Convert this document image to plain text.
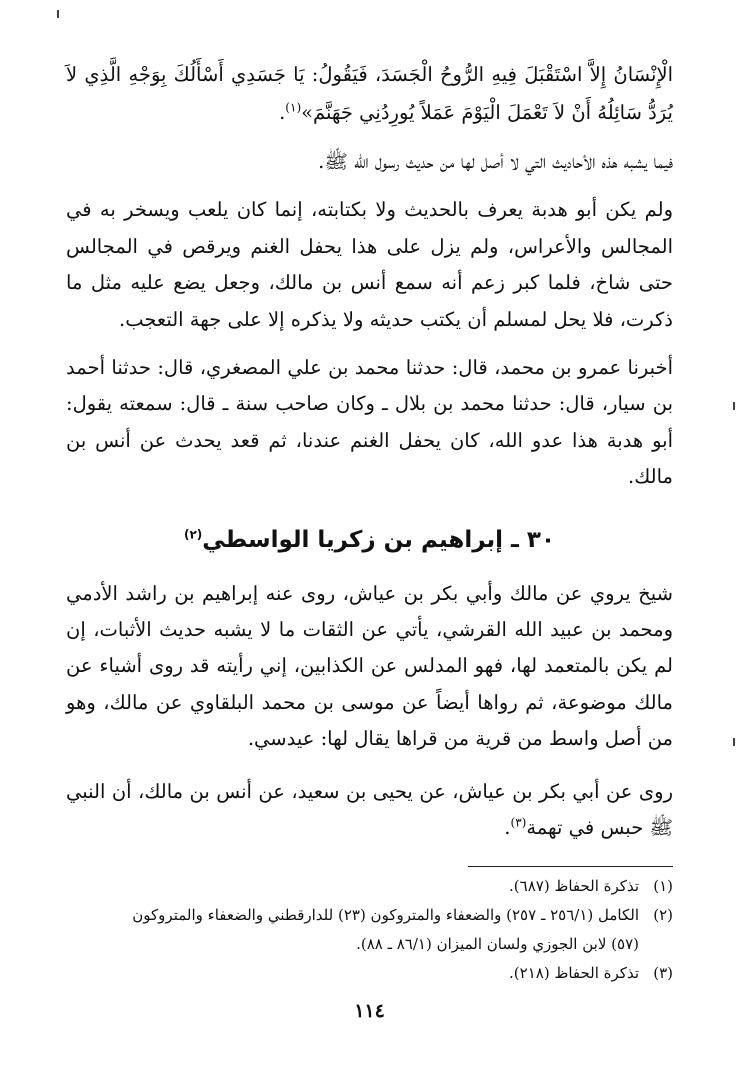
الْإِنْسَانُ إِلاَّ اسْتَقْبَلَ فِيهِ الرُّوحُ الْجَسَدَ، فَيَقُولُ: يَا جَسَدِي أَسْأَلُكَ بِوَجْهِ الَّذِي لاَ يُرَدُّ سَائِلُهُ أَنْ لاَ تَعْمَلَ الْيَوْمَ عَمَلاً يُورِدُنِي جَهَنَّمَ»$^{(١)}$.

فيما يشبه هذه الأحاديث التي لا أصل لها من حديث رسول الله ﷺ.

ولم يكن أبو هدبة يعرف بالحديث ولا بكتابته، إنما كان يلعب ويسخر به في المجالس والأعراس، ولم يزل على هذا يحفل الغنم ويرقص في المجالس حتى شاخ، فلما كبر زعم أنه سمع أنس بن مالك، وجعل يضع عليه مثل ما ذكرت، فلا يحل لمسلم أن يكتب حديثه ولا يذكره إلا على جهة التعجب.

أخبرنا عمرو بن محمد، قال: حدثنا محمد بن علي المصغري، قال: حدثنا أحمد بن سيار، قال: حدثنا محمد بن بلال ـ وكان صاحب سنة ـ قال: سمعته يقول: أبو هدبة هذا عدو الله، كان يحفل الغنم عندنا، ثم قعد يحدث عن أنس بن مالك.

٣٠ ـ إبراهيم بن زكريا الواسطي$^{(٢)}$

شيخ يروي عن مالك وأبي بكر بن عياش، روى عنه إبراهيم بن راشد الأدمي ومحمد بن عبيد الله القرشي، يأتي عن الثقات ما لا يشبه حديث الأثبات، إن لم يكن بالمتعمد لها، فهو المدلس عن الكذابين، إني رأيته قد روى أشياء عن مالك موضوعة، ثم رواها أيضاً عن موسى بن محمد البلقاوي عن مالك، وهو من أصل واسط من قرية من قراها يقال لها: عيدسي.

روى عن أبي بكر بن عياش، عن يحيى بن سعيد، عن أنس بن مالك، أن النبي ﷺ حبس في تهمة$^{(٣)}$.

(١)تذكرة الحفاظ (٦٨٧).

(٢)الكامل (٢٥٦/١ ـ ٢٥٧) والضعفاء والمتروكون (٢٣) للدارقطني والضعفاء والمتروكون

(٥٧) لابن الجوزي ولسان الميزان (٨٦/١ ـ ٨٨).

(٣)تذكرة الحفاظ (٢١٨).

١١٤
